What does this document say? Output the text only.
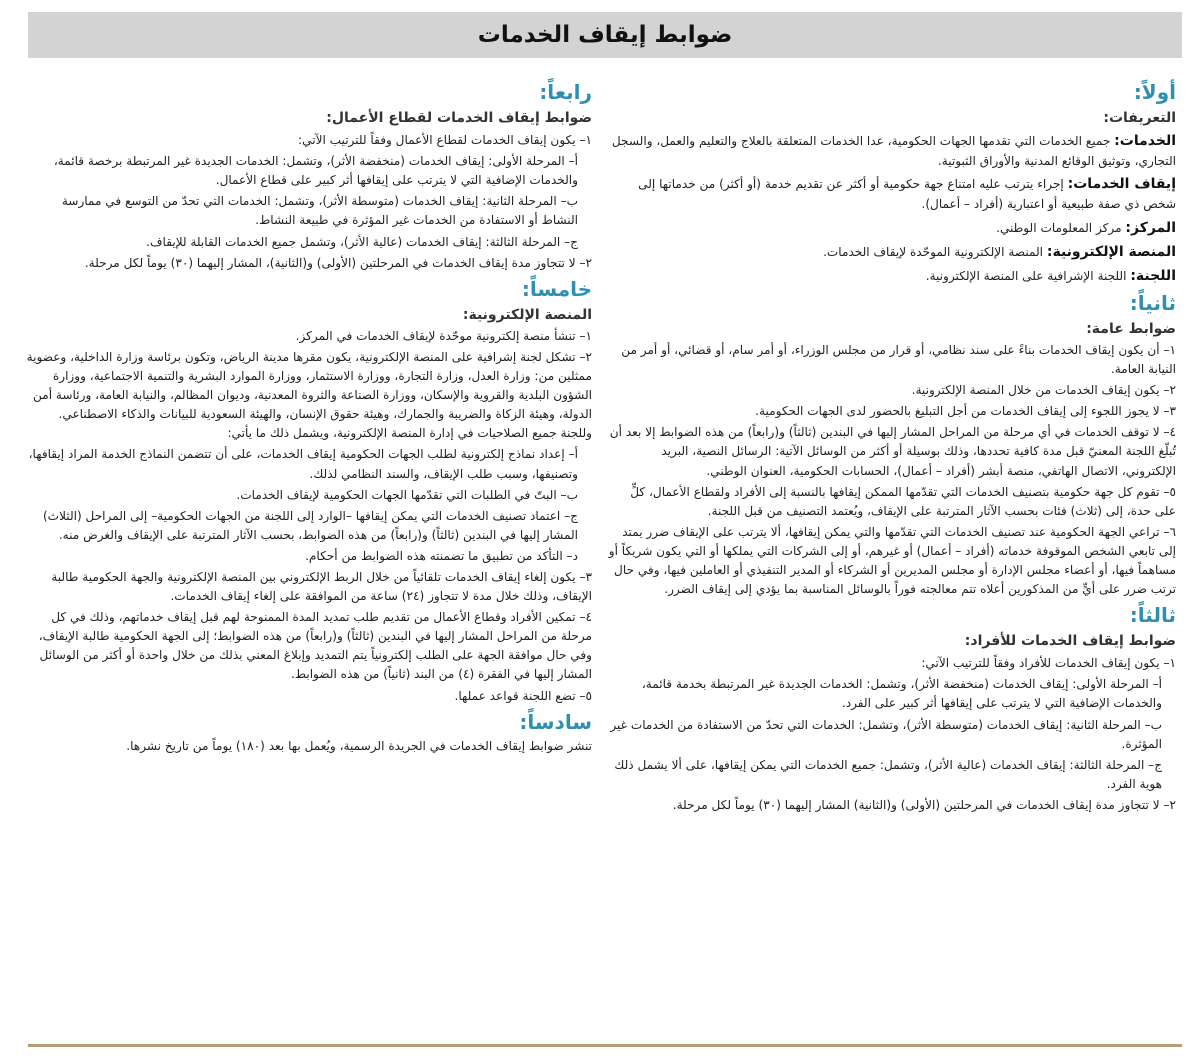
ضوابط إيقاف الخدمات
أولاً:
التعريفات:
الخدمات: جميع الخدمات التي تقدمها الجهات الحكومية، عدا الخدمات المتعلقة بالعلاج والتعليم والعمل، والسجل التجاري، وتوثيق الوقائع المدنية والأوراق الثبوتية.
إيقاف الخدمات: إجراء يترتب عليه امتناع جهة حكومية أو أكثر عن تقديم خدمة (أو أكثر) من خدماتها إلى شخص ذي صفة طبيعية أو اعتبارية (أفراد – أعمال).
المركز: مركز المعلومات الوطني.
المنصة الإلكترونية: المنصة الإلكترونية الموحّدة لإيقاف الخدمات.
اللجنة: اللجنة الإشرافية على المنصة الإلكترونية.
ثانياً:
ضوابط عامة:
١– أن يكون إيقاف الخدمات بناءً على سند نظامي، أو قرار من مجلس الوزراء، أو أمر سام، أو قضائي، أو أمر من النيابة العامة.
٢– يكون إيقاف الخدمات من خلال المنصة الإلكترونية.
٣– لا يجوز اللجوء إلى إيقاف الخدمات من أجل التبليغ بالحضور لدى الجهات الحكومية.
٤– لا توقف الخدمات في أي مرحلة من المراحل المشار إليها في البندين (ثالثاً) و(رابعاً) من هذه الضوابط إلا بعد أن تُبلّغ اللجنة المعنيّ قبل مدة كافية تحددها، وذلك بوسيلة أو أكثر من الوسائل الآتية: الرسائل النصية، البريد الإلكتروني، الاتصال الهاتفي، منصة أبشر (أفراد – أعمال)، الحسابات الحكومية، العنوان الوطني.
٥– تقوم كل جهة حكومية بتصنيف الخدمات التي تقدّمها الممكن إيقافها بالنسبة إلى الأفراد ولقطاع الأعمال، كلٍّ على حدة، إلى (ثلاث) فئات بحسب الآثار المترتبة على الإيقاف، ويُعتمد التصنيف من قبل اللجنة.
٦– تراعي الجهة الحكومية عند تصنيف الخدمات التي تقدّمها والتي يمكن إيقافها، ألا يترتب على الإيقاف ضرر يمتد إلى تابعي الشخص الموقوفة خدماته (أفراد – أعمال) أو غيرهم، أو إلى الشركات التي يملكها أو التي يكون شريكاً أو مساهماً فيها، أو أعضاء مجلس الإدارة أو مجلس المديرين أو الشركاء أو المدير التنفيذي أو العاملين فيها، وفي حال ترتب ضرر على أيٍّ من المذكورين أعلاه تتم معالجته فوراً بالوسائل المناسبة بما يؤدي إلى إيقاف الضرر.
ثالثاً:
ضوابط إيقاف الخدمات للأفراد:
١– يكون إيقاف الخدمات للأفراد وفقاً للترتيب الآتي:
أ– المرحلة الأولى: إيقاف الخدمات (منخفضة الأثر)، وتشمل: الخدمات الجديدة غير المرتبطة بخدمة قائمة، والخدمات الإضافية التي لا يترتب على إيقافها أثر كبير على الفرد.
ب– المرحلة الثانية: إيقاف الخدمات (متوسطة الأثر)، وتشمل: الخدمات التي تحدّ من الاستفادة من الخدمات غير المؤثرة.
ج– المرحلة الثالثة: إيقاف الخدمات (عالية الأثر)، وتشمل: جميع الخدمات التي يمكن إيقافها، على ألا يشمل ذلك هوية الفرد.
٢– لا تتجاوز مدة إيقاف الخدمات في المرحلتين (الأولى) و(الثانية) المشار إليهما (٣٠) يوماً لكل مرحلة.
رابعاً:
ضوابط إيقاف الخدمات لقطاع الأعمال:
١– يكون إيقاف الخدمات لقطاع الأعمال وفقاً للترتيب الآتي:
أ– المرحلة الأولى: إيقاف الخدمات (منخفضة الأثر)، وتشمل: الخدمات الجديدة غير المرتبطة برخصة قائمة، والخدمات الإضافية التي لا يترتب على إيقافها أثر كبير على قطاع الأعمال.
ب– المرحلة الثانية: إيقاف الخدمات (متوسطة الأثر)، وتشمل: الخدمات التي تحدّ من التوسع في ممارسة النشاط أو الاستفادة من الخدمات غير المؤثرة في طبيعة النشاط.
ج– المرحلة الثالثة: إيقاف الخدمات (عالية الأثر)، وتشمل جميع الخدمات القابلة للإيقاف.
٢– لا تتجاوز مدة إيقاف الخدمات في المرحلتين (الأولى) و(الثانية)، المشار إليهما (٣٠) يوماً لكل مرحلة.
خامساً:
المنصة الإلكترونية:
١– تنشأ منصة إلكترونية موحّدة لإيقاف الخدمات في المركز.
٢– تشكل لجنة إشرافية على المنصة الإلكترونية، يكون مقرها مدينة الرياض، وتكون برئاسة وزارة الداخلية، وعضوية ممثلين من: وزارة العدل، وزارة التجارة، ووزارة الاستثمار، ووزارة الموارد البشرية والتنمية الاجتماعية، ووزارة الشؤون البلدية والقروية والإسكان، ووزارة الصناعة والثروة المعدنية، وديوان المظالم، والنيابة العامة، ورئاسة أمن الدولة، وهيئة الزكاة والضريبة والجمارك، وهيئة حقوق الإنسان، والهيئة السعودية للبيانات والذكاء الاصطناعي. وللجنة جميع الصلاحيات في إدارة المنصة الإلكترونية، ويشمل ذلك ما يأتي:
أ– إعداد نماذج إلكترونية لطلب الجهات الحكومية إيقاف الخدمات، على أن تتضمن النماذج الخدمة المراد إيقافها، وتصنيفها، وسبب طلب الإيقاف، والسند النظامي لذلك.
ب– البتّ في الطلبات التي تقدّمها الجهات الحكومية لإيقاف الخدمات.
ج– اعتماد تصنيف الخدمات التي يمكن إيقافها –الوارد إلى اللجنة من الجهات الحكومية– إلى المراحل (الثلاث) المشار إليها في البندين (ثالثاً) و(رابعاً) من هذه الضوابط، بحسب الآثار المترتبة على الإيقاف والغرض منه.
د– التأكد من تطبيق ما تضمنته هذه الضوابط من أحكام.
٣– يكون إلغاء إيقاف الخدمات تلقائياً من خلال الربط الإلكتروني بين المنصة الإلكترونية والجهة الحكومية طالبة الإيقاف، وذلك خلال مدة لا تتجاوز (٢٤) ساعة من الموافقة على إلغاء إيقاف الخدمات.
٤– تمكين الأفراد وقطاع الأعمال من تقديم طلب تمديد المدة الممنوحة لهم قبل إيقاف خدماتهم، وذلك في كل مرحلة من المراحل المشار إليها في البندين (ثالثاً) و(رابعاً) من هذه الضوابط؛ إلى الجهة الحكومية طالبة الإيقاف، وفي حال موافقة الجهة على الطلب إلكترونياً يتم التمديد وإبلاغ المعني بذلك من خلال واحدة أو أكثر من الوسائل المشار إليها في الفقرة (٤) من البند (ثانياً) من هذه الضوابط.
٥– تضع اللجنة قواعد عملها.
سادساً:
تنشر ضوابط إيقاف الخدمات في الجريدة الرسمية، ويُعمل بها بعد (١٨٠) يوماً من تاريخ نشرها.
